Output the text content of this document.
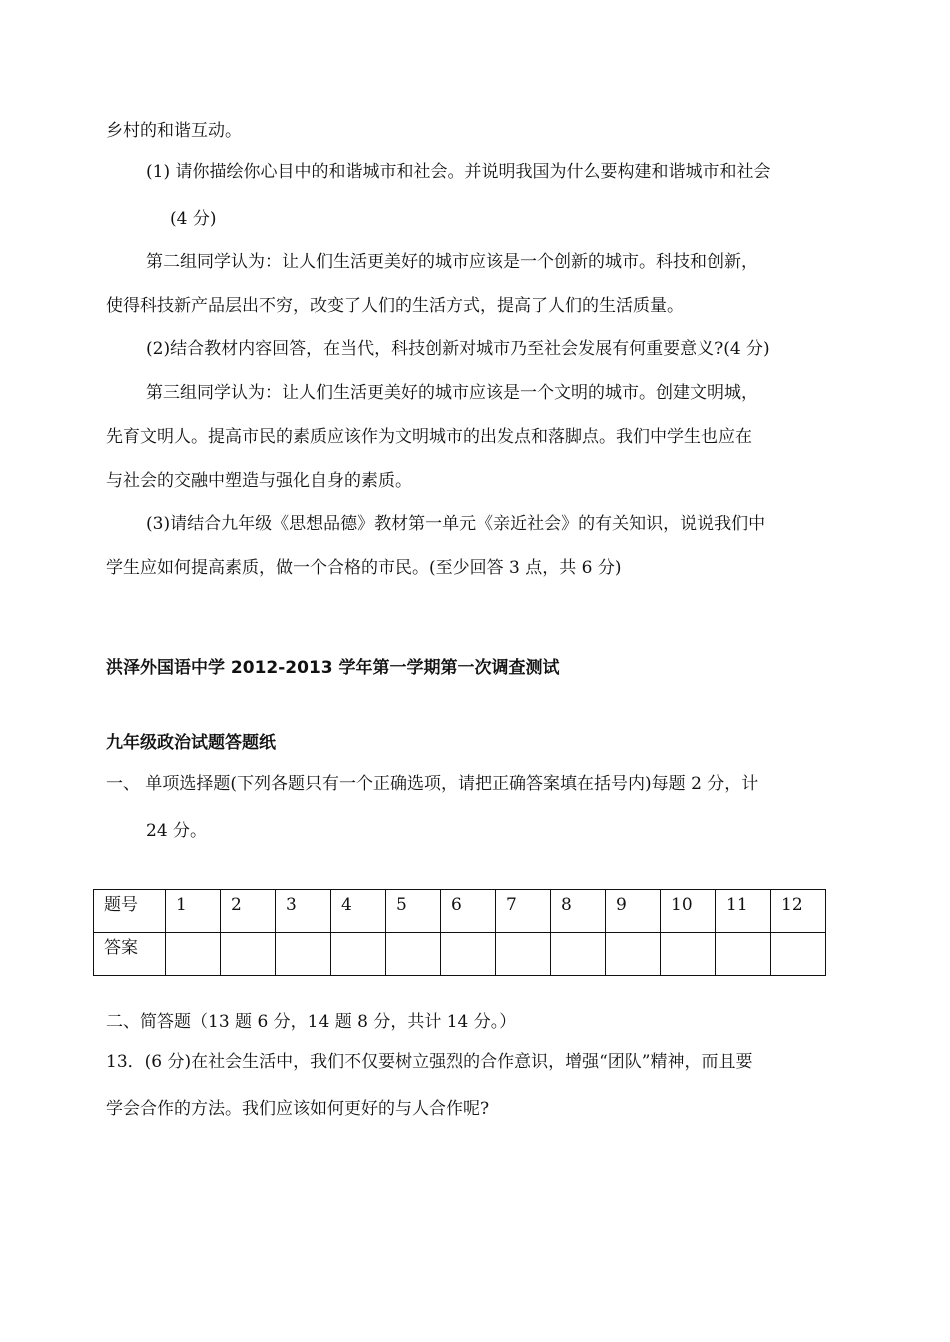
乡村的和谐互动。
(1) 请你描绘你心目中的和谐城市和社会。并说明我国为什么要构建和谐城市和社会
(4 分)
第二组同学认为：让人们生活更美好的城市应该是一个创新的城市。科技和创新，
使得科技新产品层出不穷，改变了人们的生活方式，提高了人们的生活质量。
(2)结合教材内容回答，在当代，科技创新对城市乃至社会发展有何重要意义?(4 分)
第三组同学认为：让人们生活更美好的城市应该是一个文明的城市。创建文明城，
先育文明人。提高市民的素质应该作为文明城市的出发点和落脚点。我们中学生也应在
与社会的交融中塑造与强化自身的素质。
(3)请结合九年级《思想品德》教材第一单元《亲近社会》的有关知识，说说我们中
学生应如何提高素质，做一个合格的市民。(至少回答 3 点，共 6 分)
洪泽外国语中学 2012-2013 学年第一学期第一次调查测试
九年级政治试题答题纸
一、 单项选择题(下列各题只有一个正确选项，请把正确答案填在括号内)每题 2 分，计
24 分。
题号	1	2	3	4	5	6	7	8	9	10	11	12
答案												
二、简答题（13 题 6 分，14 题 8 分，共计 14 分。）
13．(6 分)在社会生活中，我们不仅要树立强烈的合作意识，增强“团队”精神，而且要
学会合作的方法。我们应该如何更好的与人合作呢?
